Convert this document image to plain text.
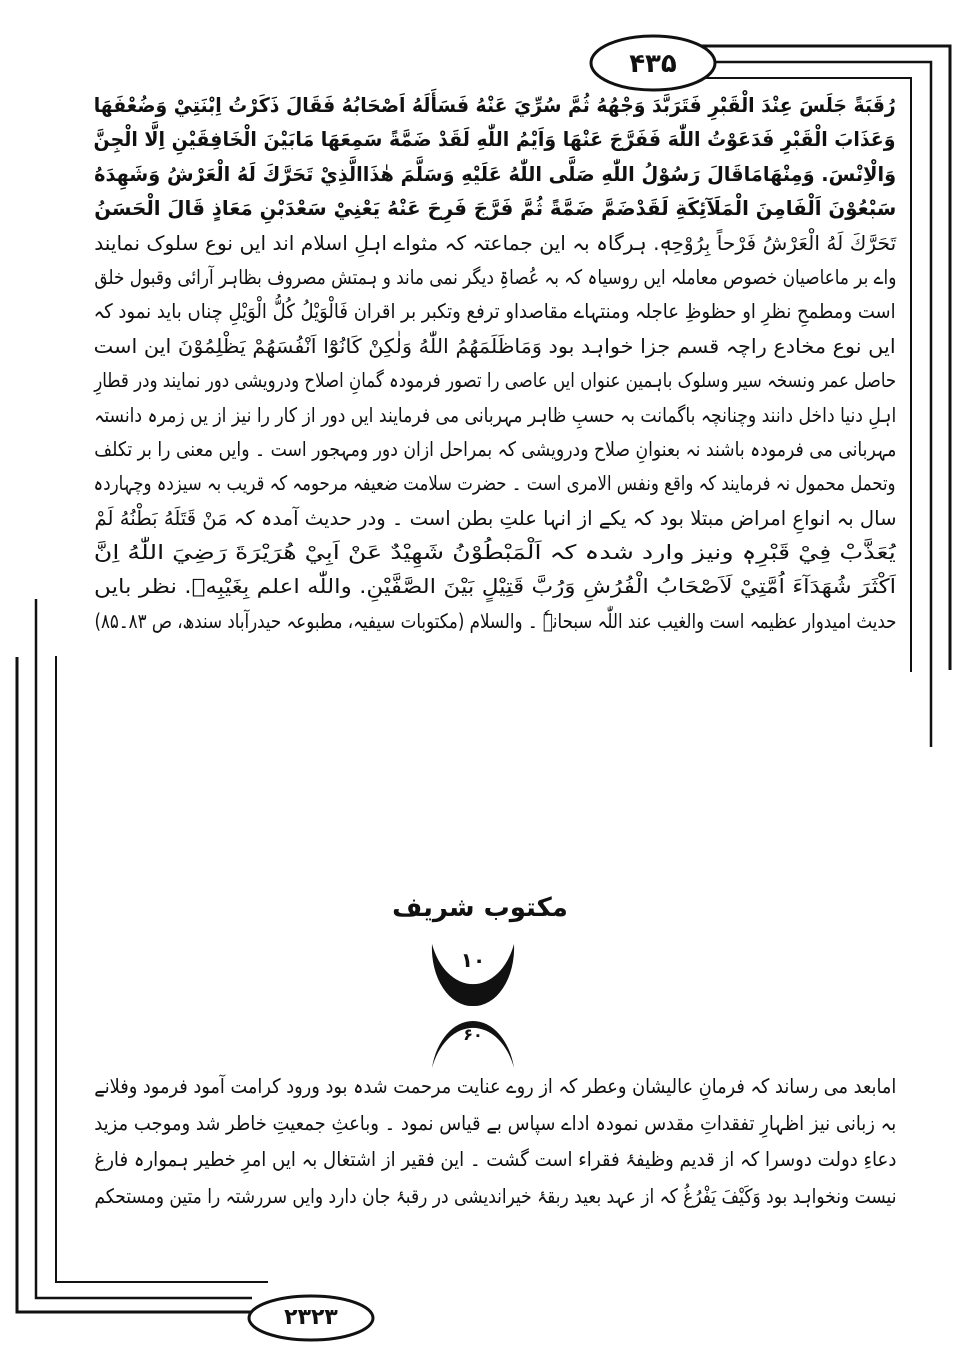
۴۳۵
۲۳۲۳
رُقَبَةً جَلَسَ عِنْدَ الْقَبْرِ فَتَرَبَّدَ وَجْهُهُ ثُمَّ سُرِّيَ عَنْهُ فَسَأَلَهُ اَصْحَابُهُ فَقَالَ ذَكَرْتُ اِبْنَتِيْ وَضُعْفَهَا
وَعَذَابَ الْقَبْرِ فَدَعَوْتُ اللّٰهَ فَفَرَّجَ عَنْهَا وَاَيْمُ اللّٰهِ لَقَدْ ضَمَّةً سَمِعَهَا مَابَيْنَ الْخَافِقَيْنِ اِلَّا الْجِنَّ
وَالْاِنْسَ. وَمِنْهَامَاقَالَ رَسُوْلُ اللّٰهِ صَلَّى اللّٰهُ عَلَيْهِ وَسَلَّمَ هٰذَاالَّذِيْ تَحَرَّكَ لَهُ الْعَرْشُ وَشَهِدَهُ
سَبْعُوْنَ اَلْفَامِنَ الْمَلَآئِكَةِ لَقَدْضَمَّ ضَمَّةً ثُمَّ فَرَّجَ فَرِحَ عَنْهُ يَعْنِيْ سَعْدَبْنِ مَعَاذٍ قَالَ الْحَسَنُ
تَحَرَّكَ لَهُ الْعَرْشُ فَرْحاً بِرُوْحِهٖ. ہرگاہ بہ این جماعتہ کہ مثواے اہلِ اسلام اند ایں نوع سلوک نمایند
واے بر ماعاصیان خصوص معاملہ ایں روسیاہ کہ بہ عُصاۃِ دیگر نمی ماند و ہمتش مصروف بظاہر آرائی وقبول خلق
است ومطمحِ نظرِ او حظوظِ عاجلہ ومنتہاے مقاصداو ترفع وتکبر بر اقران فَالْوَيْلُ كُلُّ الْوَيْلِ چناں باید نمود کہ
ایں نوع مخادع راچہ قسم جزا خواہد بود وَمَاظَلَمَهُمُ اللّٰهُ وَلٰكِنْ كَانُوْٓا اَنْفُسَهُمْ يَظْلِمُوْنَ این است
حاصل عمر ونسخہ سیر وسلوک باہمین عنواں ایں عاصی را تصور فرمودہ گمانِ اصلاح ودرویشی دور نمایند ودر قطارِ
اہلِ دنیا داخل دانند وچنانچہ باگمانت بہ حسبِ ظاہر مہربانی می فرمایند ایں دور از کار را نیز از یں زمرہ دانستہ
مہربانی می فرمودہ باشند نہ بعنوانِ صلاح ودرویشی کہ بمراحل ازان دور ومہجور است ۔ وایں معنی را بر تکلف
وتحمل محمول نہ فرمایند کہ واقع ونفس الامری است ۔ حضرت سلامت ضعیفہ مرحومہ کہ قریب بہ سیزدہ وچہاردہ
سال بہ انواعِ امراض مبتلا بود کہ یکے از انہا علتِ بطن است ۔ ودر حدیث آمدہ کہ مَنْ قَتَلَهُ بَطْنُهُ لَمْ
يُعَذَّبْ فِيْ قَبْرِهٖ ونیز وارد شدہ کہ اَلْمَبْطُوْنُ شَهِيْدٌ عَنْ اَبِيْ هُرَيْرَةَ رَضِيَ اللّٰهُ اِنَّ
اَكْثَرَ شُهَدَآءَ اُمَّتِيْ لَاَصْحَابُ الْفُرُشِ وَرُبَّ قَتِيْلٍ بَيْنَ الصَّفَّيْنِ. واللّٰه اعلم بِغَيْبِهٖ. نظر بایں
حدیث امیدوار عظیمہ است والغیب عند اللّٰہ سبحانہٗ ۔ والسلام (مکتوبات سیفیہ، مطبوعہ حیدرآباد سندھ، ص ۸۳۔۸۵)
مکتوب شریف
۱۰
۶۰
امابعد می رساند کہ فرمانِ عالیشان وعطر کہ از روے عنایت مرحمت شدہ بود ورود کرامت آمود فرمود وفلانے
بہ زبانی نیز اظہارِ تفقداتِ مقدس نمودہ اداے سپاس بے قیاس نمود ۔ وباعثِ جمعیتِ خاطر شد وموجب مزید
دعاءِ دولت دوسرا کہ از قدیم وظیفۂ فقراء است گشت ۔ این فقیر از اشتغال بہ ایں امرِ خطیر ہموارہ فارغ
نیست ونخواہد بود وَكَيْفَ يَفْرُغُ کہ از عہد بعید ربقۂ خیراندیشی در رقبۂ جان دارد وایں سررشتہ را متین ومستحکم
